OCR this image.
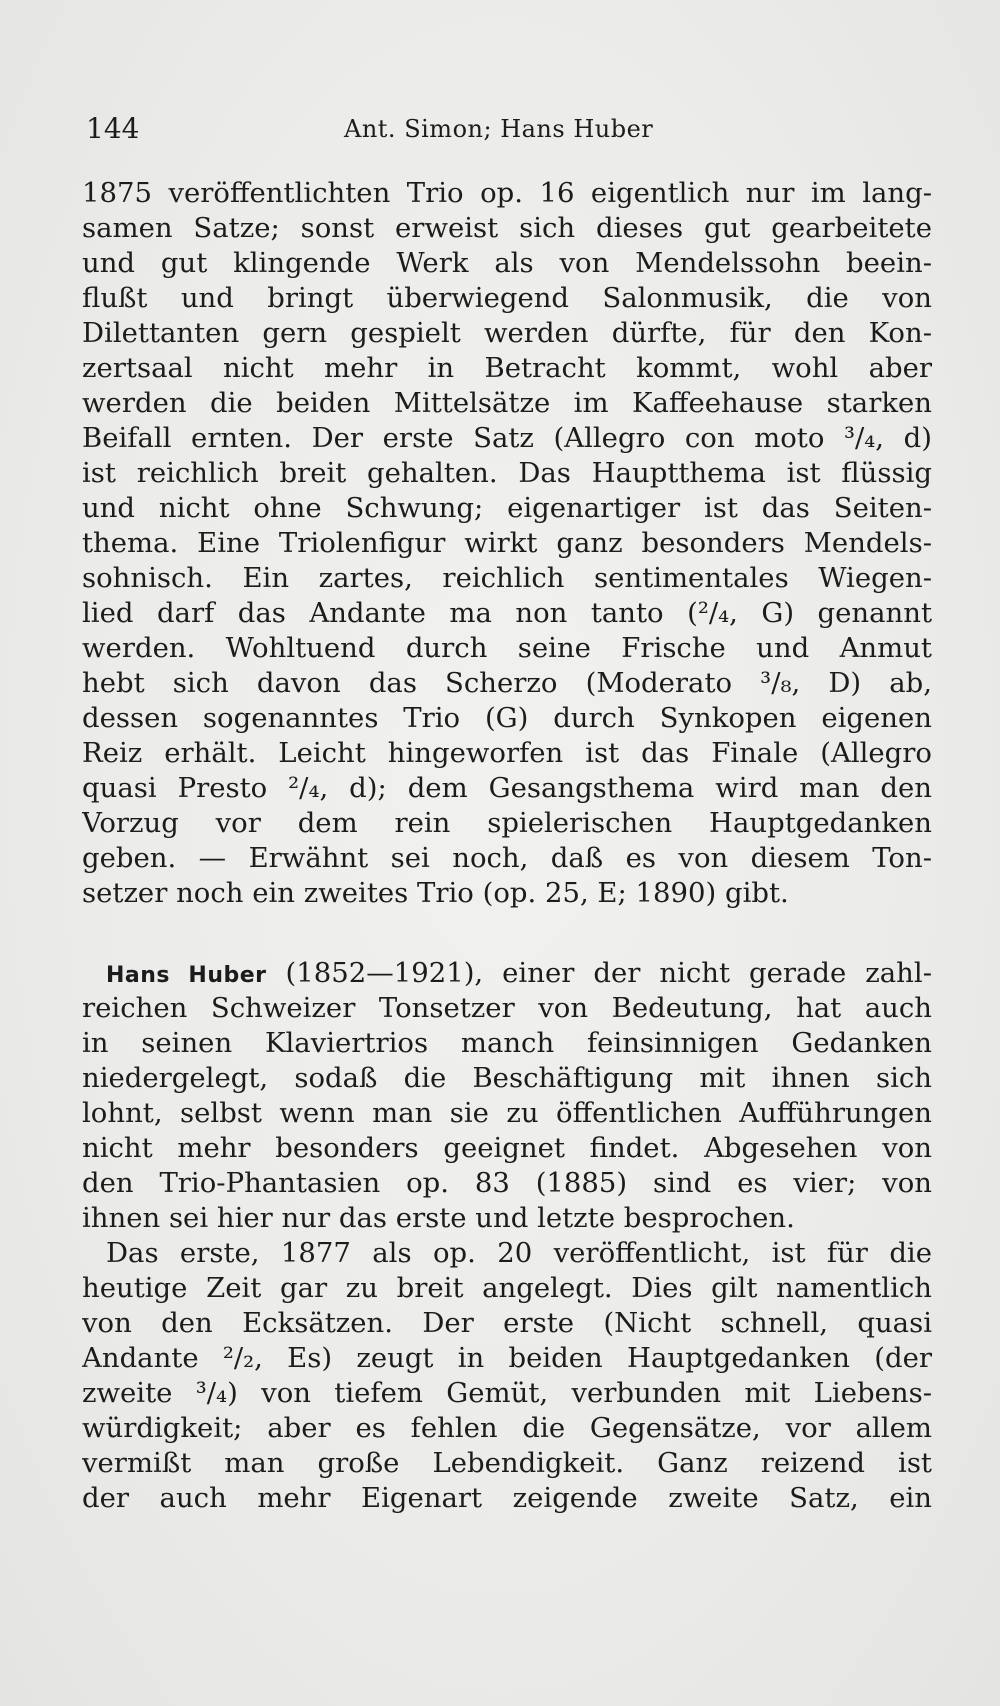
144	Ant. Simon; Hans Huber
1875 veröffentlichten Trio op. 16 eigentlich nur im lang-
samen Satze; sonst erweist sich dieses gut gearbeitete
und gut klingende Werk als von Mendelssohn beein-
flußt und bringt überwiegend Salonmusik, die von
Dilettanten gern gespielt werden dürfte, für den Kon-
zertsaal nicht mehr in Betracht kommt, wohl aber
werden die beiden Mittelsätze im Kaffeehause starken
Beifall ernten. Der erste Satz (Allegro con moto ³/₄, d)
ist reichlich breit gehalten. Das Hauptthema ist flüssig
und nicht ohne Schwung; eigenartiger ist das Seiten-
thema. Eine Triolenfigur wirkt ganz besonders Mendels-
sohnisch. Ein zartes, reichlich sentimentales Wiegen-
lied darf das Andante ma non tanto (²/₄, G) genannt
werden. Wohltuend durch seine Frische und Anmut
hebt sich davon das Scherzo (Moderato ³/₈, D) ab,
dessen sogenanntes Trio (G) durch Synkopen eigenen
Reiz erhält. Leicht hingeworfen ist das Finale (Allegro
quasi Presto ²/₄, d); dem Gesangsthema wird man den
Vorzug vor dem rein spielerischen Hauptgedanken
geben. — Erwähnt sei noch, daß es von diesem Ton-
setzer noch ein zweites Trio (op. 25, E; 1890) gibt.
Hans Huber (1852—1921), einer der nicht gerade zahl-
reichen Schweizer Tonsetzer von Bedeutung, hat auch
in seinen Klaviertrios manch feinsinnigen Gedanken
niedergelegt, sodaß die Beschäftigung mit ihnen sich
lohnt, selbst wenn man sie zu öffentlichen Aufführungen
nicht mehr besonders geeignet findet. Abgesehen von
den Trio-Phantasien op. 83 (1885) sind es vier; von
ihnen sei hier nur das erste und letzte besprochen.
Das erste, 1877 als op. 20 veröffentlicht, ist für die
heutige Zeit gar zu breit angelegt. Dies gilt namentlich
von den Ecksätzen. Der erste (Nicht schnell, quasi
Andante ²/₂, Es) zeugt in beiden Hauptgedanken (der
zweite ³/₄) von tiefem Gemüt, verbunden mit Liebens-
würdigkeit; aber es fehlen die Gegensätze, vor allem
vermißt man große Lebendigkeit. Ganz reizend ist
der auch mehr Eigenart zeigende zweite Satz, ein
